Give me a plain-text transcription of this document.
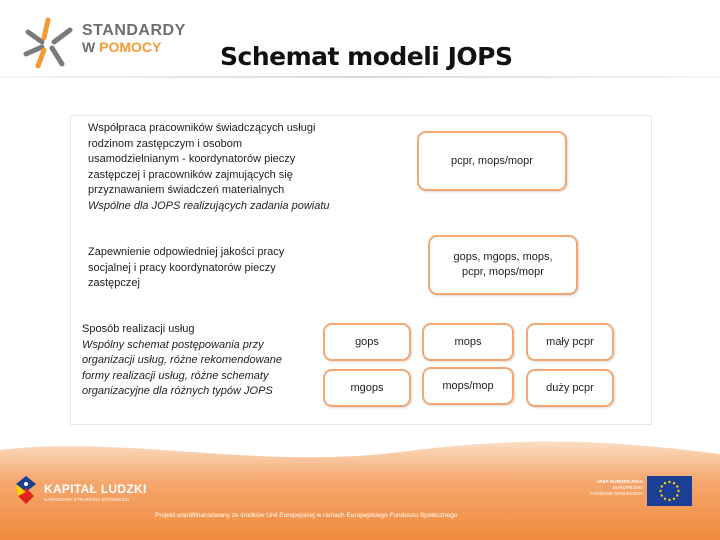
STANDARDY
W POMOCY Schemat modeli JOPS
Współpraca pracowników świadczących usługi
rodzinom zastępczym i osobom
usamodzielnianym - koordynatorów pieczy
zastępczej i pracowników zajmujących się
przyznawaniem świadczeń materialnych
Wspólne dla JOPS realizujących zadania powiatu
pcpr, mops/mopr
Zapewnienie odpowiedniej jakości pracy
socjalnej i pracy koordynatorów pieczy
zastępczej
gops, mgops, mops,
pcpr, mops/mopr
Sposób realizacji usług
Wspólny schemat postępowania przy
organizacji usług, różne rekomendowane
formy realizacji usług, różne schematy
organizacyjne dla różnych typów JOPS
gops	mops	mały pcpr
mgops	mops/mop	duży pcpr
KAPITAŁ LUDZKI
NARODOWA STRATEGIA SPÓJNOŚCI
UNIA EUROPEJSKA
EUROPEJSKI
FUNDUSZ SPOŁECZNY
Projekt współfinansowany ze środków Unii Europejskiej w ramach Europejskiego Funduszu Społecznego
